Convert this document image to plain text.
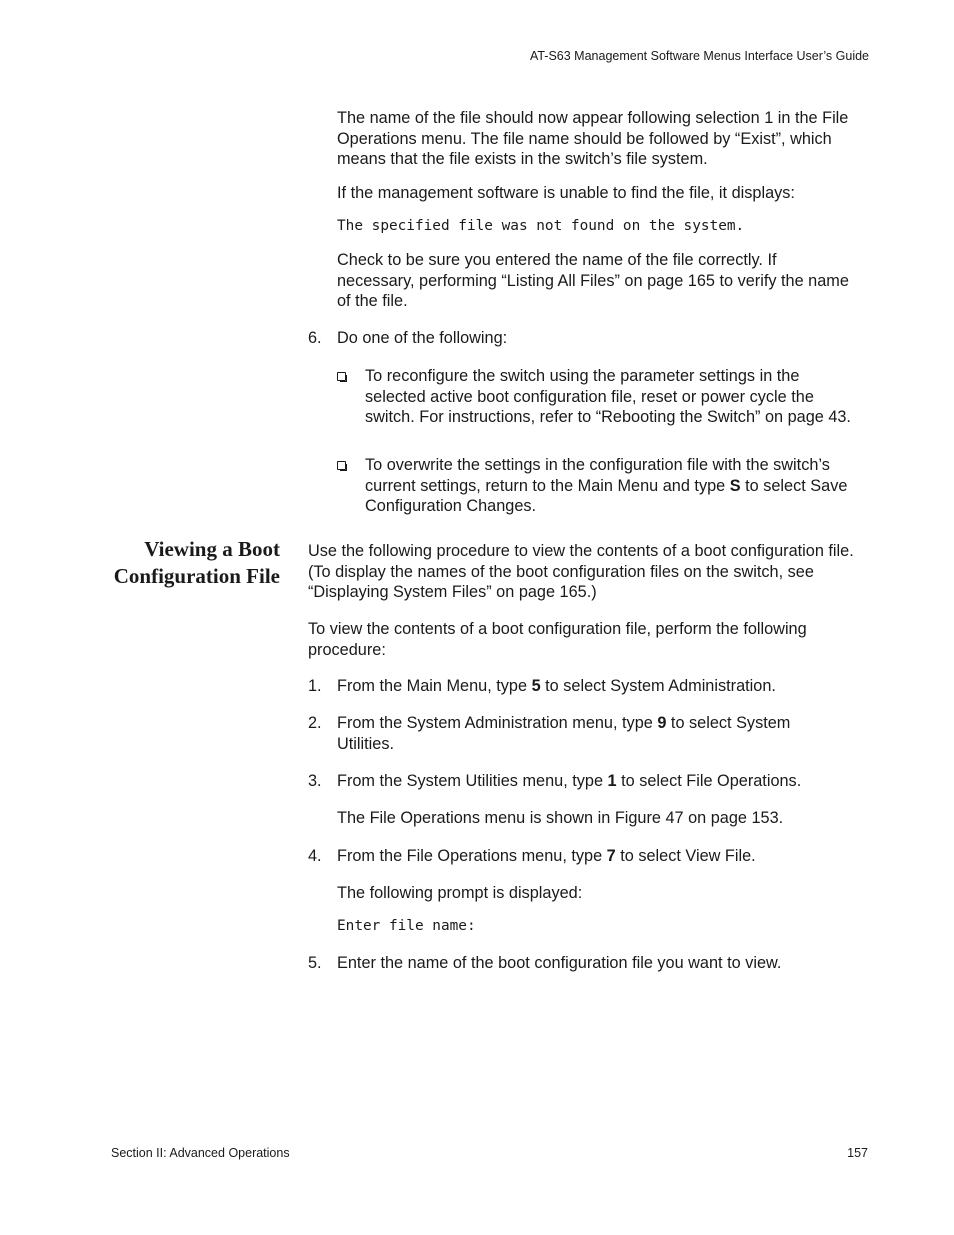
AT-S63 Management Software Menus Interface User’s Guide
The name of the file should now appear following selection 1 in the File Operations menu. The file name should be followed by “Exist”, which means that the file exists in the switch’s file system.
If the management software is unable to find the file, it displays:
The specified file was not found on the system.
Check to be sure you entered the name of the file correctly. If necessary, performing “Listing All Files” on page 165 to verify the name of the file.
6. Do one of the following:
To reconfigure the switch using the parameter settings in the selected active boot configuration file, reset or power cycle the switch. For instructions, refer to “Rebooting the Switch” on page 43.
To overwrite the settings in the configuration file with the switch’s current settings, return to the Main Menu and type S to select Save Configuration Changes.
Viewing a Boot Configuration File
Use the following procedure to view the contents of a boot configuration file. (To display the names of the boot configuration files on the switch, see “Displaying System Files” on page 165.)
To view the contents of a boot configuration file, perform the following procedure:
1. From the Main Menu, type 5 to select System Administration.
2. From the System Administration menu, type 9 to select System Utilities.
3. From the System Utilities menu, type 1 to select File Operations.
The File Operations menu is shown in Figure 47 on page 153.
4. From the File Operations menu, type 7 to select View File.
The following prompt is displayed:
Enter file name:
5. Enter the name of the boot configuration file you want to view.
Section II: Advanced Operations	157
